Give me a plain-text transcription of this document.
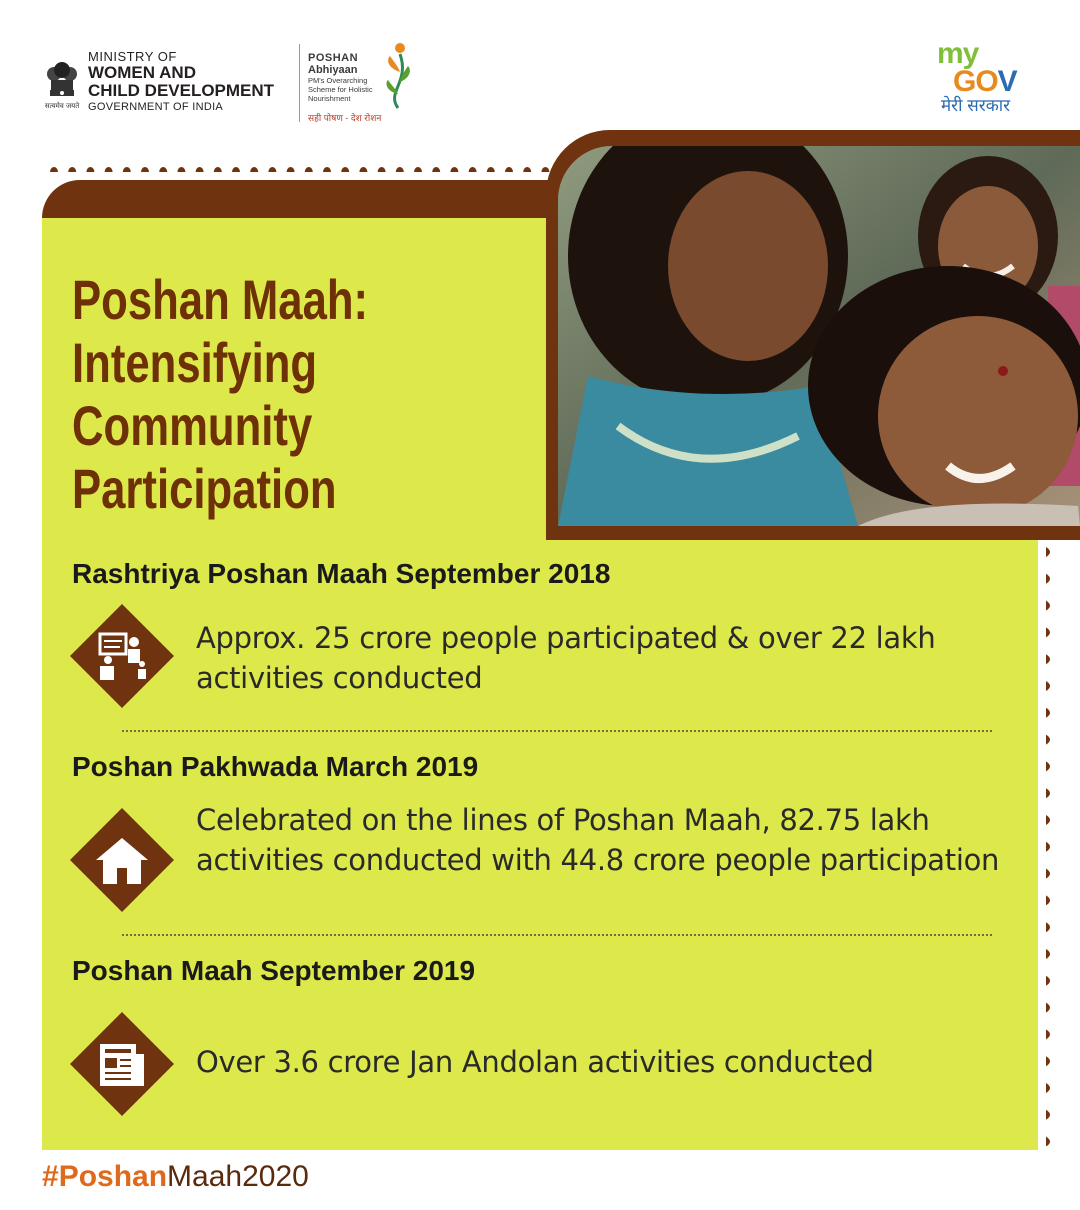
सत्यमेव जयते
MINISTRY OF
WOMEN AND
CHILD DEVELOPMENT
GOVERNMENT OF INDIA
POSHAN
Abhiyaan
PM's Overarching Scheme for Holistic Nourishment
सही पोषण - देश रोशन
my
GOV
मेरी सरकार
Poshan Maah:
Intensifying
Community
Participation
Rashtriya Poshan Maah September 2018
Approx. 25 crore people participated & over 22 lakh activities conducted
Poshan Pakhwada March 2019
Celebrated on the lines of Poshan Maah, 82.75 lakh activities conducted with 44.8 crore people participation
Poshan Maah September 2019
Over 3.6 crore Jan Andolan activities conducted
#PoshanMaah2020
